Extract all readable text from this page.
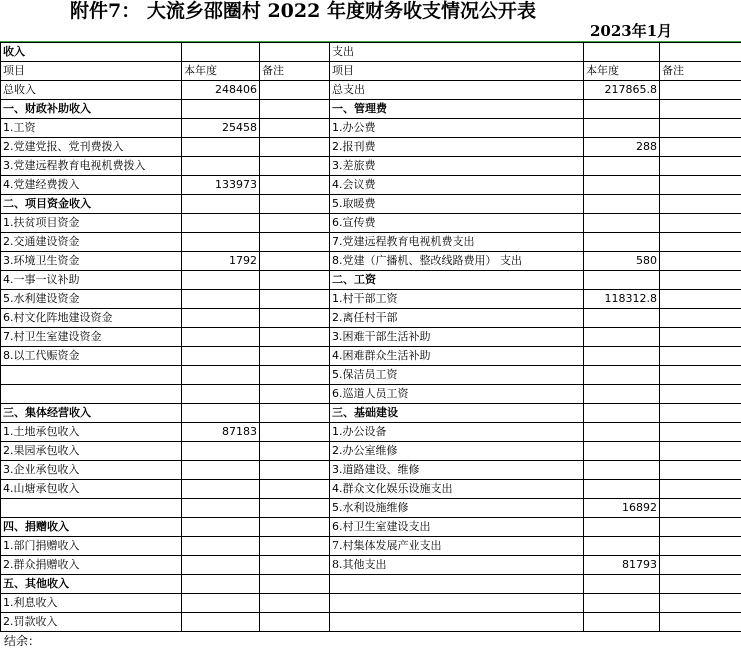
附件7： 大流乡邵圈村 2022 年度财务收支情况公开表
2023年1月
收入			支出		
项目	本年度	备注	项目	本年度	备注
总收入	248406		总支出	217865.8	
一、财政补助收入			一、管理费		
1.工资	25458		1.办公费		
2.党建党报、党刊费拨入			2.报刊费	288	
3.党建远程教育电视机费拨入			3.差旅费		
4.党建经费拨入	133973		4.会议费		
二、项目资金收入			5.取暖费		
1.扶贫项目资金			6.宣传费		
2.交通建设资金			7.党建远程教育电视机费支出		
3.环境卫生资金	1792		8.党建（广播机、整改线路费用） 支出	580	
4.一事一议补助			二、工资		
5.水利建设资金			1.村干部工资	118312.8	
6.村文化阵地建设资金			2.离任村干部		
7.村卫生室建设资金			3.困难干部生活补助		
8.以工代赈资金			4.困难群众生活补助		
			5.保洁员工资		
			6.巡道人员工资		
三、集体经营收入			三、基础建设		
1.土地承包收入	87183		1.办公设备		
2.果园承包收入			2.办公室维修		
3.企业承包收入			3.道路建设、维修		
4.山塘承包收入			4.群众文化娱乐设施支出		
			5.水利设施维修	16892	
四、捐赠收入			6.村卫生室建设支出		
1.部门捐赠收入			7.村集体发展产业支出		
2.群众捐赠收入			8.其他支出	81793	
五、其他收入					
1.利息收入					
2.罚款收入					
结余：
